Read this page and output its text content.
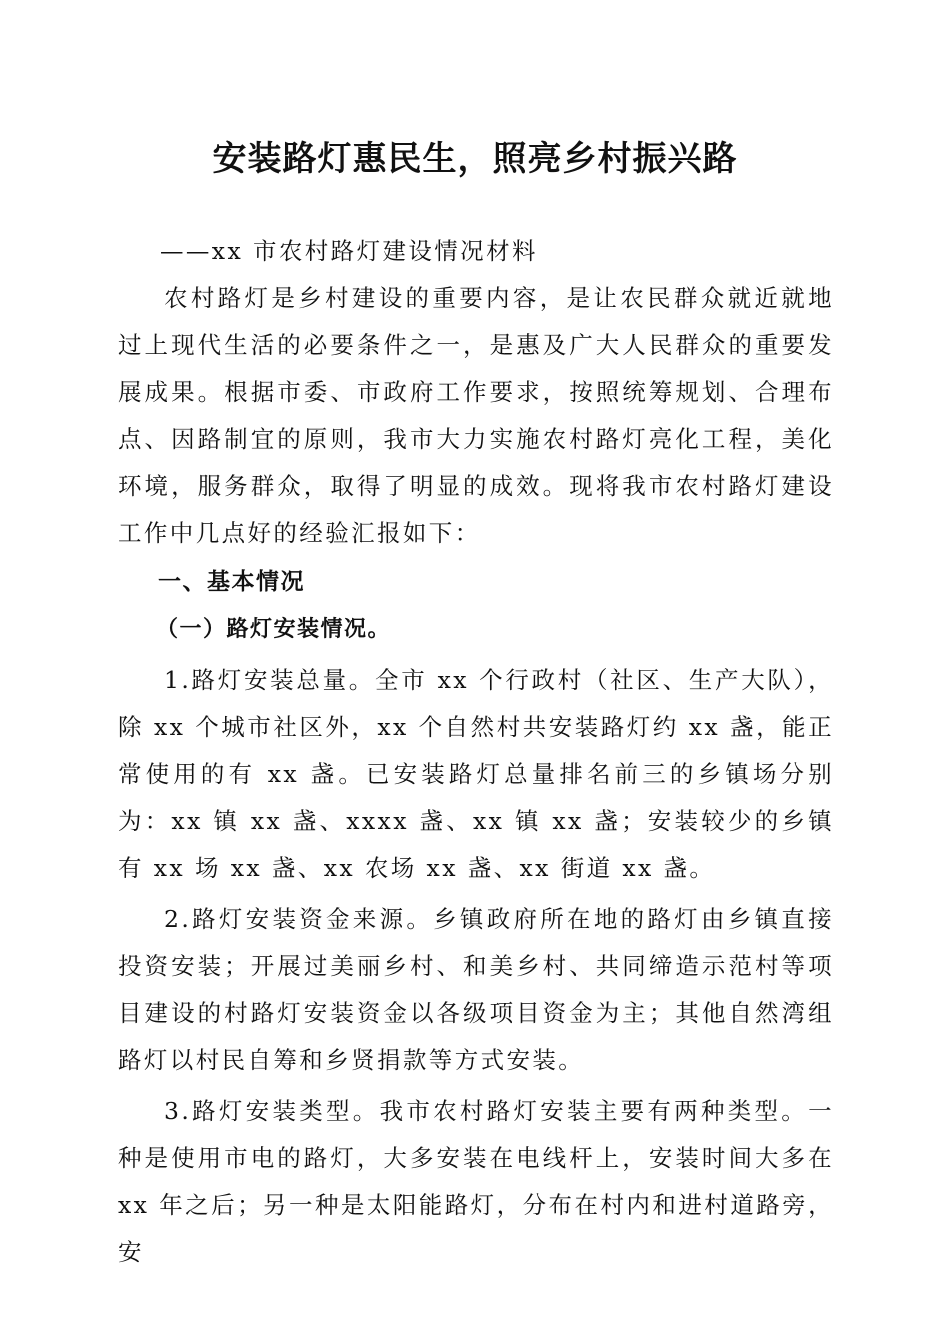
安装路灯惠民生，照亮乡村振兴路

——xx 市农村路灯建设情况材料

农村路灯是乡村建设的重要内容，是让农民群众就近就地过上现代生活的必要条件之一，是惠及广大人民群众的重要发展成果。根据市委、市政府工作要求，按照统筹规划、合理布点、因路制宜的原则，我市大力实施农村路灯亮化工程，美化环境，服务群众，取得了明显的成效。现将我市农村路灯建设工作中几点好的经验汇报如下：

一、基本情况

（一）路灯安装情况。

1.路灯安装总量。全市 xx 个行政村（社区、生产大队），除 xx 个城市社区外，xx 个自然村共安装路灯约 xx 盏，能正常使用的有 xx 盏。已安装路灯总量排名前三的乡镇场分别为：xx 镇 xx 盏、xxxx 盏、xx 镇 xx 盏；安装较少的乡镇有 xx 场 xx 盏、xx 农场 xx 盏、xx 街道 xx 盏。

2.路灯安装资金来源。乡镇政府所在地的路灯由乡镇直接投资安装；开展过美丽乡村、和美乡村、共同缔造示范村等项目建设的村路灯安装资金以各级项目资金为主；其他自然湾组路灯以村民自筹和乡贤捐款等方式安装。

3.路灯安装类型。我市农村路灯安装主要有两种类型。一种是使用市电的路灯，大多安装在电线杆上，安装时间大多在 xx 年之后；另一种是太阳能路灯，分布在村内和进村道路旁，安
